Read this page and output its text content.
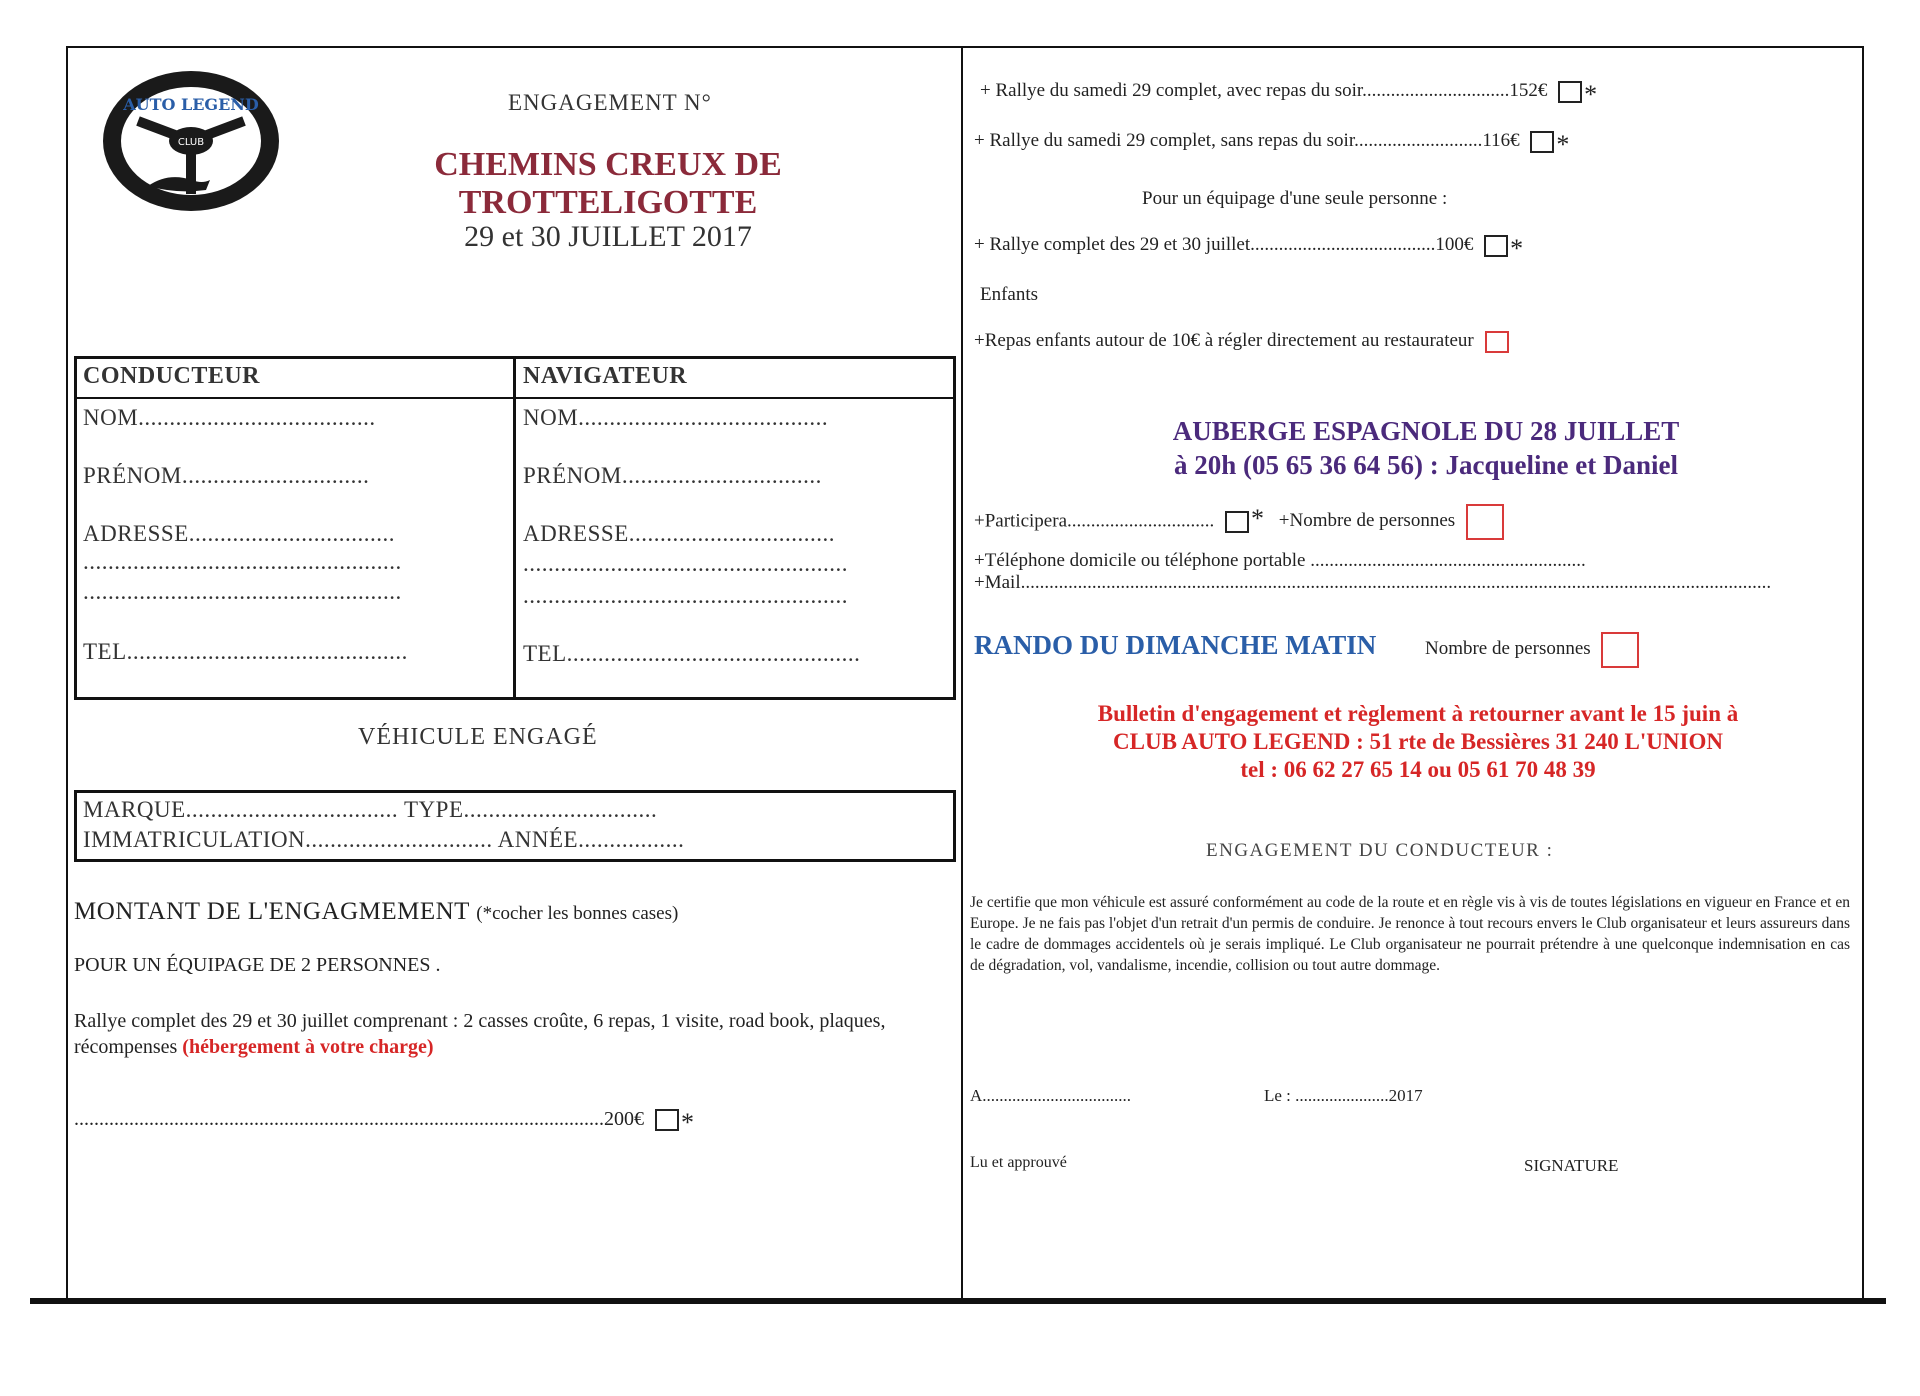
CLUB
AUTO LEGEND	ENGAGEMENT N°
CHEMINS CREUX DE
TROTTELIGOTTE
29 et 30 JUILLET 2017
CONDUCTEUR
NOM......................................
PRÉNOM..............................
ADRESSE.................................
...................................................
...................................................
TEL.............................................
NAVIGATEUR
NOM........................................
PRÉNOM................................
ADRESSE.................................
....................................................
....................................................
TEL...............................................
VÉHICULE ENGAGÉ
MARQUE.................................. TYPE...............................
IMMATRICULATION.............................. ANNÉE.................
MONTANT DE L'ENGAGMEMENT (*cocher les bonnes cases)
POUR UN ÉQUIPAGE DE 2 PERSONNES .
Rallye complet des 29 et 30 juillet comprenant : 2 casses croûte, 6 repas, 1 visite, road book, plaques, récompenses (hébergement à votre charge)
..........................................................................................................200€ *
+ Rallye du samedi 29 complet, avec repas du soir...............................152€ *
+ Rallye du samedi 29 complet, sans repas du soir...........................116€ *
Pour un équipage d'une seule personne :
+ Rallye complet des 29 et 30 juillet.......................................100€ *
Enfants
+Repas enfants autour de 10€ à régler directement au restaurateur
AUBERGE ESPAGNOLE DU 28 JUILLET
à 20h (05 65 36 64 56) : Jacqueline et Daniel
+Participera............................... * +Nombre de personnes
+Téléphone domicile ou téléphone portable ..........................................................
+Mail..............................................................................................................................................................
RANDO DU DIMANCHE MATIN	Nombre de personnes
Bulletin d'engagement et règlement à retourner avant le 15 juin à
CLUB AUTO LEGEND : 51 rte de Bessières 31 240 L'UNION
tel : 06 62 27 65 14 ou 05 61 70 48 39
ENGAGEMENT DU CONDUCTEUR :
Je certifie que mon véhicule est assuré conformément au code de la route et en règle vis à vis de toutes législations en vigueur en France et en Europe. Je ne fais pas l'objet d'un retrait d'un permis de conduire. Je renonce à tout recours envers le Club organisateur et leurs assureurs dans le cadre de dommages accidentels où je serais impliqué. Le Club organisateur ne pourrait prétendre à une quelconque indemnisation en cas de dégradation, vol, vandalisme, incendie, collision ou tout autre dommage.
A...................................	Le : ......................2017
Lu et approuvé	SIGNATURE
